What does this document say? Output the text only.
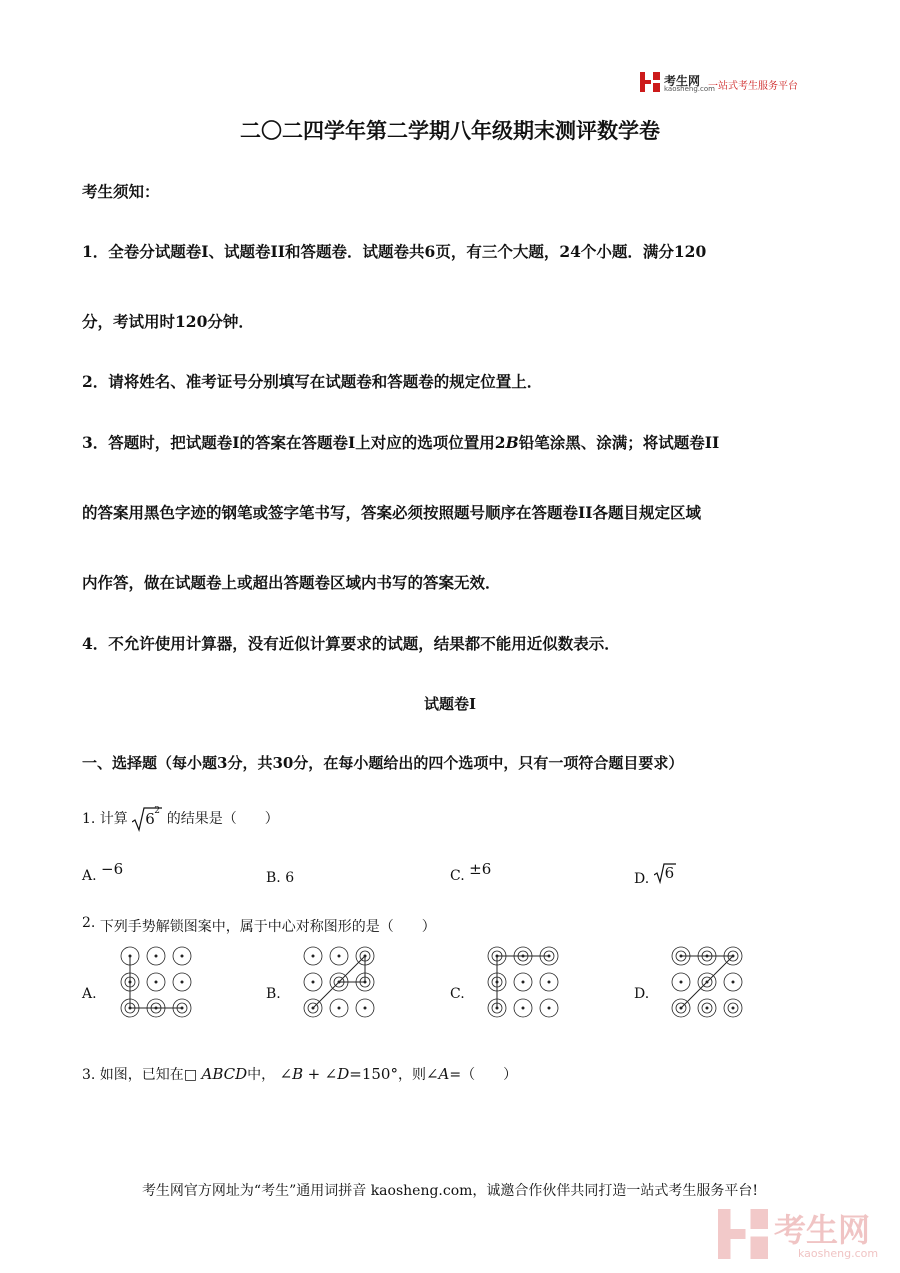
考生网
kaosheng.com
一站式考生服务平台
二〇二四学年第二学期八年级期末测评数学卷
考生须知：
1．全卷分试题卷I、试题卷II和答题卷．试题卷共6页，有三个大题，24个小题．满分120
分，考试用时120分钟．
2．请将姓名、准考证号分别填写在试题卷和答题卷的规定位置上．
3．答题时，把试题卷I的答案在答题卷I上对应的选项位置用2B铅笔涂黑、涂满；将试题卷II
的答案用黑色字迹的钢笔或签字笔书写，答案必须按照题号顺序在答题卷II各题目规定区域
内作答，做在试题卷上或超出答题卷区域内书写的答案无效．
4．不允许使用计算器，没有近似计算要求的试题，结果都不能用近似数表示．
试题卷I
一、选择题（每小题3分，共30分，在每小题给出的四个选项中，只有一项符合题目要求）
1. 计算 6 2 的结果是（　　）
A. −6	B. 6	C. ±6
D. 6
2. 下列手势解锁图案中，属于中心对称图形的是（　　）
A.	B.	C.	D.
3. 如图，已知在□ ABCD中， ∠B + ∠D=150°，则∠A=（　　）
考生网官方网址为“考生”通用词拼音 kaosheng.com，诚邀合作伙伴共同打造一站式考生服务平台!
考生网
kaosheng.com
